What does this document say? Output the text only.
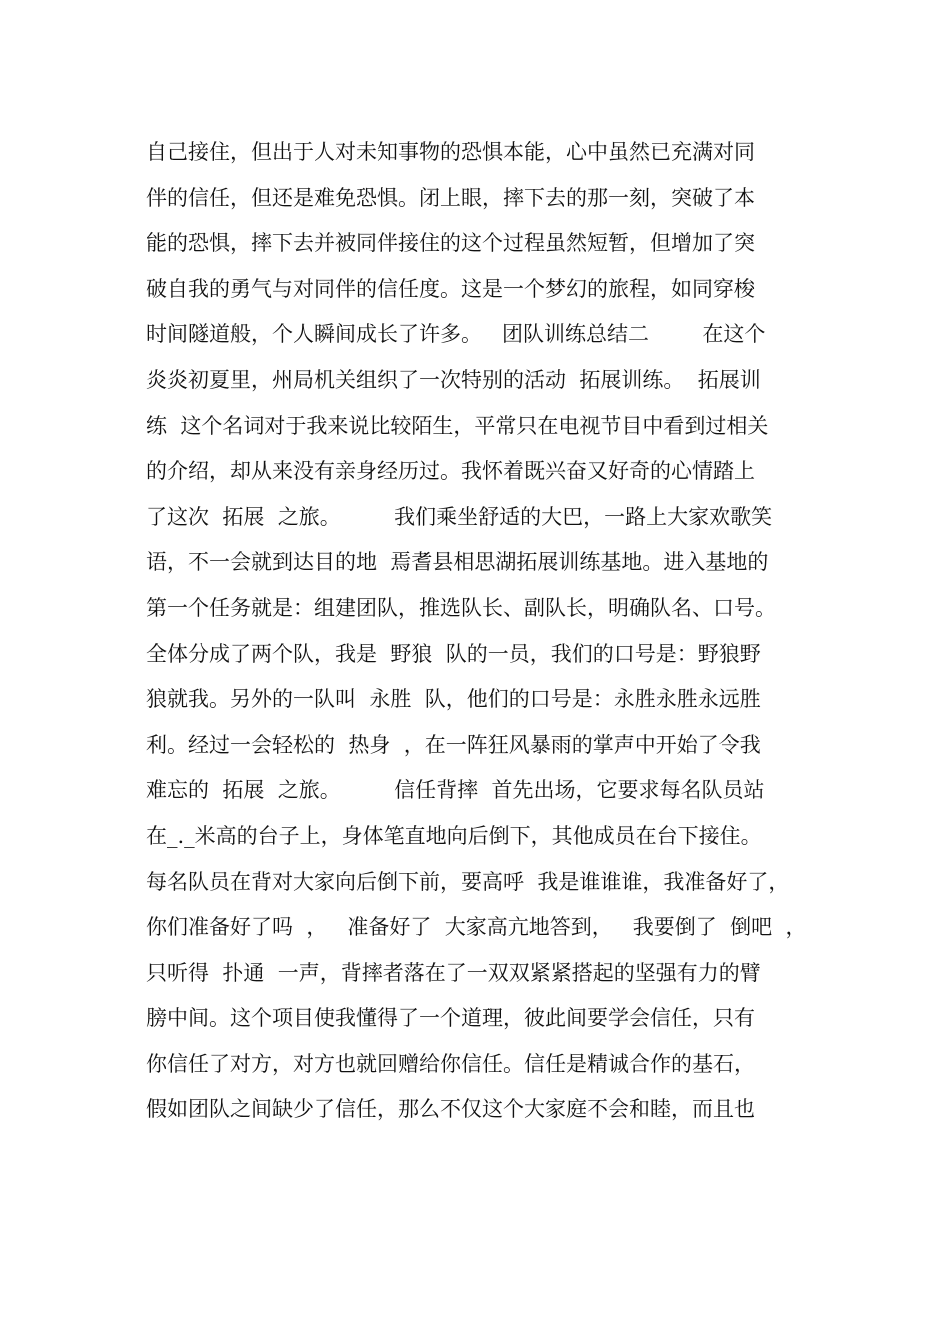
自己接住，但出于人对未知事物的恐惧本能，心中虽然已充满对同
伴的信任，但还是难免恐惧。闭上眼，摔下去的那一刻，突破了本
能的恐惧，摔下去并被同伴接住的这个过程虽然短暂，但增加了突
破自我的勇气与对同伴的信任度。这是一个梦幻的旅程，如同穿梭
时间隧道般，个人瞬间成长了许多。   团队训练总结二        在这个
炎炎初夏里，州局机关组织了一次特别的活动  拓展训练。  拓展训
练  这个名词对于我来说比较陌生，平常只在电视节目中看到过相关
的介绍，却从来没有亲身经历过。我怀着既兴奋又好奇的心情踏上
了这次  拓展  之旅。        我们乘坐舒适的大巴，一路上大家欢歌笑
语，不一会就到达目的地  焉耆县相思湖拓展训练基地。进入基地的
第一个任务就是：组建团队，推选队长、副队长，明确队名、口号。
全体分成了两个队，我是  野狼  队的一员，我们的口号是：野狼野
狼就我。另外的一队叫  永胜  队，他们的口号是：永胜永胜永远胜
利。经过一会轻松的  热身  ，在一阵狂风暴雨的掌声中开始了令我
难忘的  拓展  之旅。        信任背摔  首先出场，它要求每名队员站
在_._米高的台子上，身体笔直地向后倒下，其他成员在台下接住。
每名队员在背对大家向后倒下前，要高呼  我是谁谁谁，我准备好了，
你们准备好了吗  ，   准备好了  大家高亢地答到，   我要倒了  倒吧  ，
只听得  扑通  一声，背摔者落在了一双双紧紧搭起的坚强有力的臂
膀中间。这个项目使我懂得了一个道理，彼此间要学会信任，只有
你信任了对方，对方也就回赠给你信任。信任是精诚合作的基石，
假如团队之间缺少了信任，那么不仅这个大家庭不会和睦，而且也
